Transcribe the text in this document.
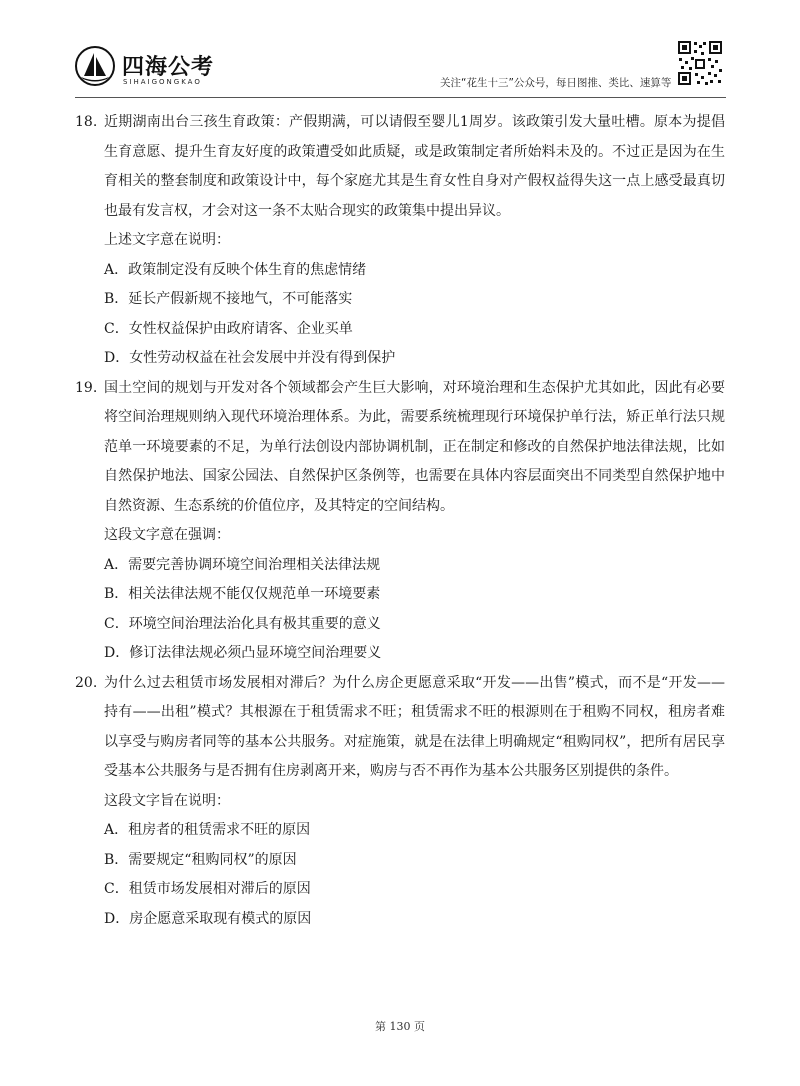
四海公考
SIHAIGONGKAO	关注“花生十三”公众号，每日图推、类比、速算等
18. 近期湖南出台三孩生育政策：产假期满，可以请假至婴儿1周岁。该政策引发大量吐槽。原本为提倡生育意愿、提升生育友好度的政策遭受如此质疑，或是政策制定者所始料未及的。不过正是因为在生育相关的整套制度和政策设计中，每个家庭尤其是生育女性自身对产假权益得失这一点上感受最真切也最有发言权，才会对这一条不太贴合现实的政策集中提出异议。
上述文字意在说明：
A．政策制定没有反映个体生育的焦虑情绪
B．延长产假新规不接地气，不可能落实
C．女性权益保护由政府请客、企业买单
D．女性劳动权益在社会发展中并没有得到保护
19. 国土空间的规划与开发对各个领域都会产生巨大影响，对环境治理和生态保护尤其如此，因此有必要将空间治理规则纳入现代环境治理体系。为此，需要系统梳理现行环境保护单行法，矫正单行法只规范单一环境要素的不足，为单行法创设内部协调机制，正在制定和修改的自然保护地法律法规，比如自然保护地法、国家公园法、自然保护区条例等，也需要在具体内容层面突出不同类型自然保护地中自然资源、生态系统的价值位序，及其特定的空间结构。
这段文字意在强调：
A．需要完善协调环境空间治理相关法律法规
B．相关法律法规不能仅仅规范单一环境要素
C．环境空间治理法治化具有极其重要的意义
D．修订法律法规必须凸显环境空间治理要义
20. 为什么过去租赁市场发展相对滞后？为什么房企更愿意采取“开发——出售”模式，而不是“开发——持有——出租”模式？其根源在于租赁需求不旺；租赁需求不旺的根源则在于租购不同权，租房者难以享受与购房者同等的基本公共服务。对症施策，就是在法律上明确规定“租购同权”，把所有居民享受基本公共服务与是否拥有住房剥离开来，购房与否不再作为基本公共服务区别提供的条件。
这段文字旨在说明：
A．租房者的租赁需求不旺的原因
B．需要规定“租购同权”的原因
C．租赁市场发展相对滞后的原因
D．房企愿意采取现有模式的原因
第 130 页
